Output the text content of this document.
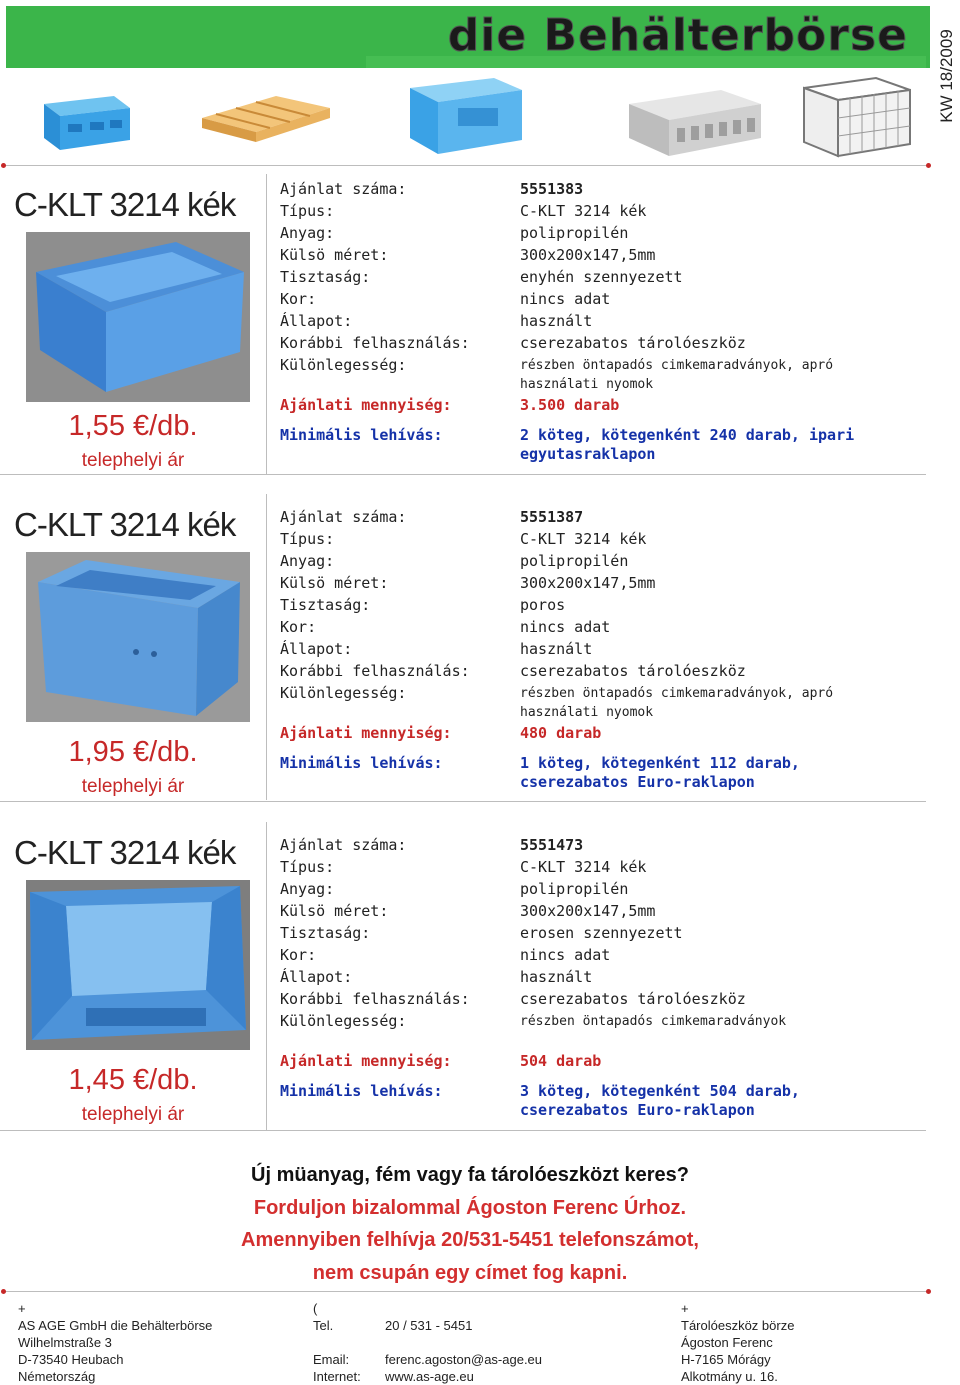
die Behälterbörse KW 18/2009
C-KLT 3214 kék
1,55 €/db.
telephelyi ár
Ajánlat száma:	5551383
Típus:	C-KLT 3214 kék
Anyag:	polipropilén
Külsö méret:	300x200x147,5mm
Tisztaság:	enyhén szennyezett
Kor:	nincs adat
Állapot:	használt
Korábbi felhasználás:	cserezabatos tárolóeszköz
Különlegesség:	részben öntapadós cimkemaradványok, apró használati nyomok
Ajánlati mennyiség:	3.500 darab
Minimális lehívás:	2 köteg, kötegenként 240 darab, ipari egyutasraklapon
C-KLT 3214 kék
1,95 €/db.
telephelyi ár
Ajánlat száma:	5551387
Típus:	C-KLT 3214 kék
Anyag:	polipropilén
Külsö méret:	300x200x147,5mm
Tisztaság:	poros
Kor:	nincs adat
Állapot:	használt
Korábbi felhasználás:	cserezabatos tárolóeszköz
Különlegesség:	részben öntapadós cimkemaradványok, apró használati nyomok
Ajánlati mennyiség:	480 darab
Minimális lehívás:	1 köteg, kötegenként 112 darab, cserezabatos Euro-raklapon
C-KLT 3214 kék
1,45 €/db.
telephelyi ár
Ajánlat száma:	5551473
Típus:	C-KLT 3214 kék
Anyag:	polipropilén
Külsö méret:	300x200x147,5mm
Tisztaság:	erosen szennyezett
Kor:	nincs adat
Állapot:	használt
Korábbi felhasználás:	cserezabatos tárolóeszköz
Különlegesség:	részben öntapadós cimkemaradványok
Ajánlati mennyiség:	504 darab
Minimális lehívás:	3 köteg, kötegenként 504 darab, cserezabatos Euro-raklapon
Új müanyag, fém vagy fa tárolóeszközt keres?
Forduljon bizalommal Ágoston Ferenc Úrhoz.
Amennyiben felhívja 20/531-5451 telefonszámot,
nem csupán egy címet fog kapni.
+
AS AGE GmbH die Behälterbörse
Wilhelmstraße 3
D-73540 Heubach
Németország
(
Tel.	20 / 531 - 5451

Email:	ferenc.agoston@as-age.eu
Internet: www.as-age.eu
+
Tárolóeszköz börze
Ágoston Ferenc
H-7165 Mórágy
Alkotmány u. 16.
